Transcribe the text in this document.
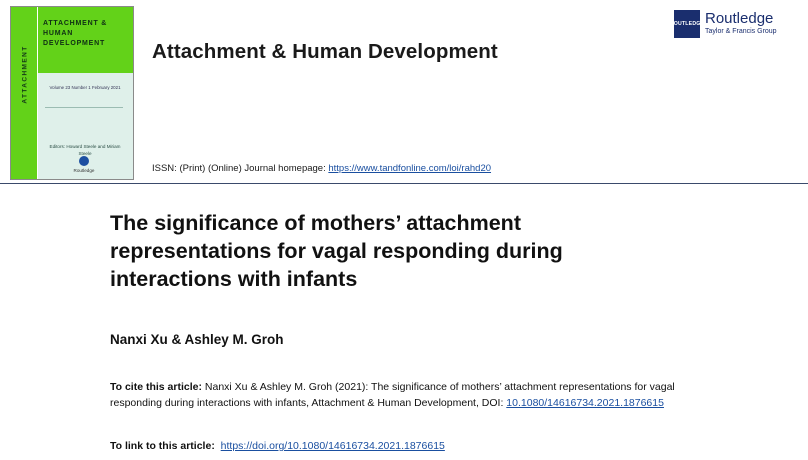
ATTACHMENT
ATTACHMENT & HUMAN DEVELOPMENT
Volume 23 Number 1 February 2021
Editors: Howard Steele and Miriam Steele
Routledge
Attachment & Human Development
ISSN: (Print) (Online) Journal homepage: https://www.tandfonline.com/loi/rahd20
ROUTLEDGE Routledge
Taylor & Francis Group
The significance of mothers’ attachment representations for vagal responding during interactions with infants
Nanxi Xu & Ashley M. Groh
To cite this article: Nanxi Xu & Ashley M. Groh (2021): The significance of mothers’ attachment representations for vagal responding during interactions with infants, Attachment & Human Development, DOI: 10.1080/14616734.2021.1876615
To link to this article: https://doi.org/10.1080/14616734.2021.1876615
